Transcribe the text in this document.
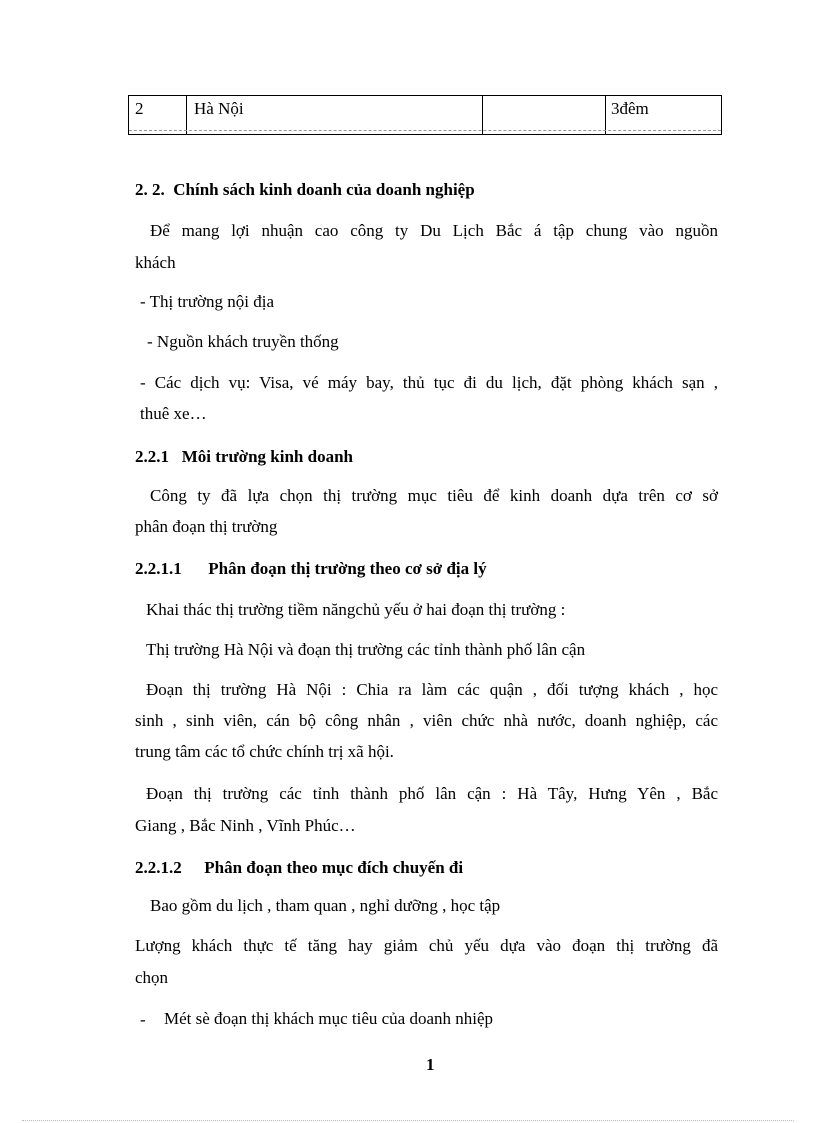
2	Hà Nội	3đêm
2. 2. Chính sách kinh doanh của doanh nghiệp
Để mang lợi nhuận cao công ty Du Lịch Bắc á tập chung vào nguồn
khách
- Thị trường nội địa
- Nguồn khách truyền thống
- Các dịch vụ: Visa, vé máy bay, thủ tục đi du lịch, đặt phòng khách sạn ,
thuê xe…
2.2.1 Môi trường kinh doanh
Công ty đã lựa chọn thị trường mục tiêu để kinh doanh dựa trên cơ sở
phân đoạn thị trường
2.2.1.1 Phân đoạn thị trường theo cơ sở địa lý
Khai thác thị trường tiềm năngchủ yếu ở hai đoạn thị trường :
Thị trường Hà Nội và đoạn thị trường các tỉnh thành phố lân cận
Đoạn thị trường Hà Nội : Chia ra làm các quận , đối tượng khách , học
sinh , sinh viên, cán bộ công nhân , viên chức nhà nước, doanh nghiệp, các
trung tâm các tổ chức chính trị xã hội.
Đoạn thị trường các tỉnh thành phố lân cận : Hà Tây, Hưng Yên , Bắc
Giang , Bắc Ninh , Vĩnh Phúc…
2.2.1.2 Phân đoạn theo mục đích chuyến đi
Bao gồm du lịch , tham quan , nghỉ dưỡng , học tập
Lượng khách thực tế tăng hay giảm chủ yếu dựa vào đoạn thị trường đã
chọn
- Mét sè đoạn thị khách mục tiêu của doanh nhiệp
1
